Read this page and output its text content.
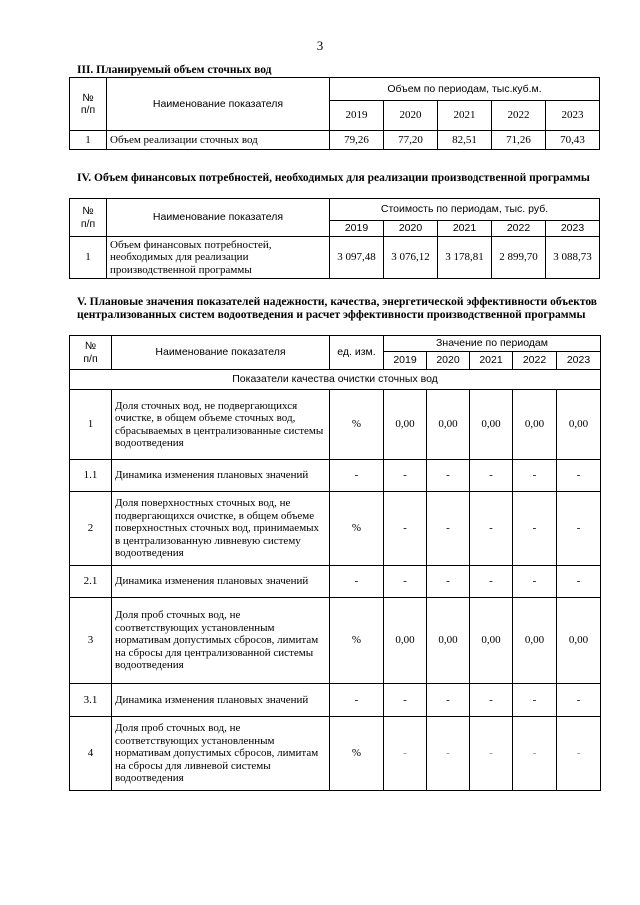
3
III. Планируемый объем сточных вод
№
п/п	Наименование показателя	Объем по периодам, тыс.куб.м.				
		2019	2020	2021	2022	2023
1	Объем реализации сточных вод	79,26	77,20	82,51	71,26	70,43
IV. Объем финансовых потребностей, необходимых для реализации производственной программы
№
п/п	Наименование показателя	Стоимость по периодам, тыс. руб.				
		2019	2020	2021	2022	2023
1	Объем финансовых потребностей, необходимых для реализации производственной программы	3 097,48	3 076,12	3 178,81	2 899,70	3 088,73
V. Плановые значения показателей надежности, качества, энергетической эффективности объектов централизованных систем водоотведения и расчет эффективности производственной программы
№
п/п	Наименование показателя	ед. изм.	Значение по периодам				
			2019	2020	2021	2022	2023
Показатели качества очистки сточных вод							
1	Доля сточных вод, не подвергающихся очистке, в общем объеме сточных вод, сбрасываемых в централизованные системы водоотведения	%	0,00	0,00	0,00	0,00	0,00
1.1	Динамика изменения плановых значений	-	-	-	-	-	-
2	Доля поверхностных сточных вод, не подвергающихся очистке, в общем объеме поверхностных сточных вод, принимаемых в централизованную ливневую систему водоотведения	%	-	-	-	-	-
2.1	Динамика изменения плановых значений	-	-	-	-	-	-
3	Доля проб сточных вод, не соответствующих установленным нормативам допустимых сбросов, лимитам на сбросы для централизованной системы водоотведения	%	0,00	0,00	0,00	0,00	0,00
3.1	Динамика изменения плановых значений	-	-	-	-	-	-
4	Доля проб сточных вод, не соответствующих установленным нормативам допустимых сбросов, лимитам на сбросы для ливневой системы водоотведения	%	-	-	-	-	-
